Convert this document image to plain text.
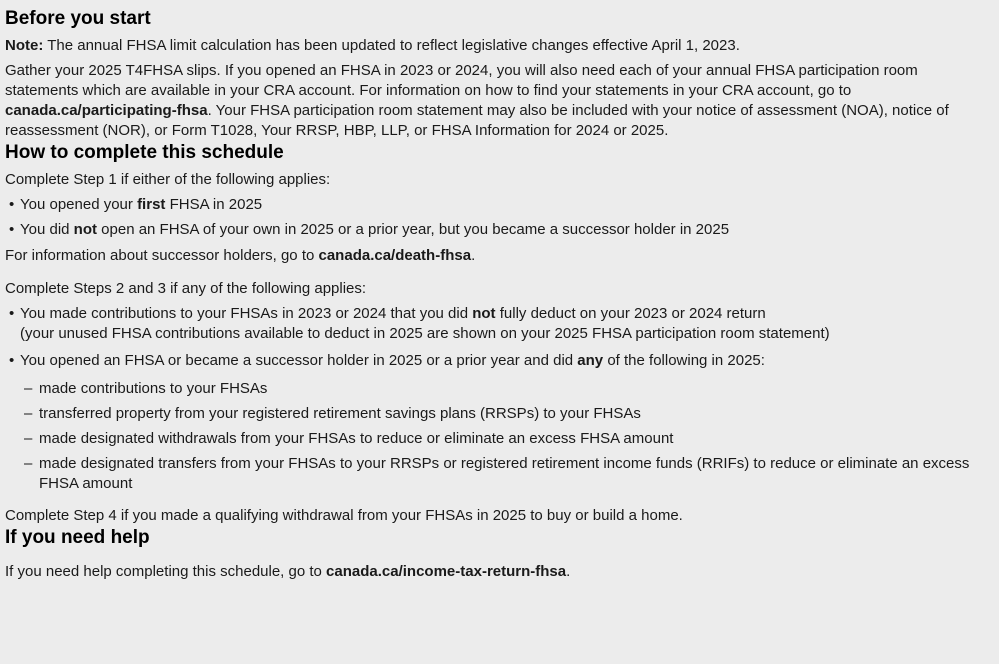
Before you start

Note: The annual FHSA limit calculation has been updated to reflect legislative changes effective April 1, 2023.

Gather your 2025 T4FHSA slips. If you opened an FHSA in 2023 or 2024, you will also need each of your annual FHSA participation room statements which are available in your CRA account. For information on how to find your statements in your CRA account, go to canada.ca/participating-fhsa. Your FHSA participation room statement may also be included with your notice of assessment (NOA), notice of reassessment (NOR), or Form T1028, Your RRSP, HBP, LLP, or FHSA Information for 2024 or 2025.

How to complete this schedule

Complete Step 1 if either of the following applies:

• You opened your first FHSA in 2025
• You did not open an FHSA of your own in 2025 or a prior year, but you became a successor holder in 2025

For information about successor holders, go to canada.ca/death-fhsa.

Complete Steps 2 and 3 if any of the following applies:

• You made contributions to your FHSAs in 2023 or 2024 that you did not fully deduct on your 2023 or 2024 return
(your unused FHSA contributions available to deduct in 2025 are shown on your 2025 FHSA participation room statement)
• You opened an FHSA or became a successor holder in 2025 or a prior year and did any of the following in 2025:
– made contributions to your FHSAs
– transferred property from your registered retirement savings plans (RRSPs) to your FHSAs
– made designated withdrawals from your FHSAs to reduce or eliminate an excess FHSA amount
– made designated transfers from your FHSAs to your RRSPs or registered retirement income funds (RRIFs) to reduce or eliminate an excess FHSA amount

Complete Step 4 if you made a qualifying withdrawal from your FHSAs in 2025 to buy or build a home.

If you need help

If you need help completing this schedule, go to canada.ca/income-tax-return-fhsa.
